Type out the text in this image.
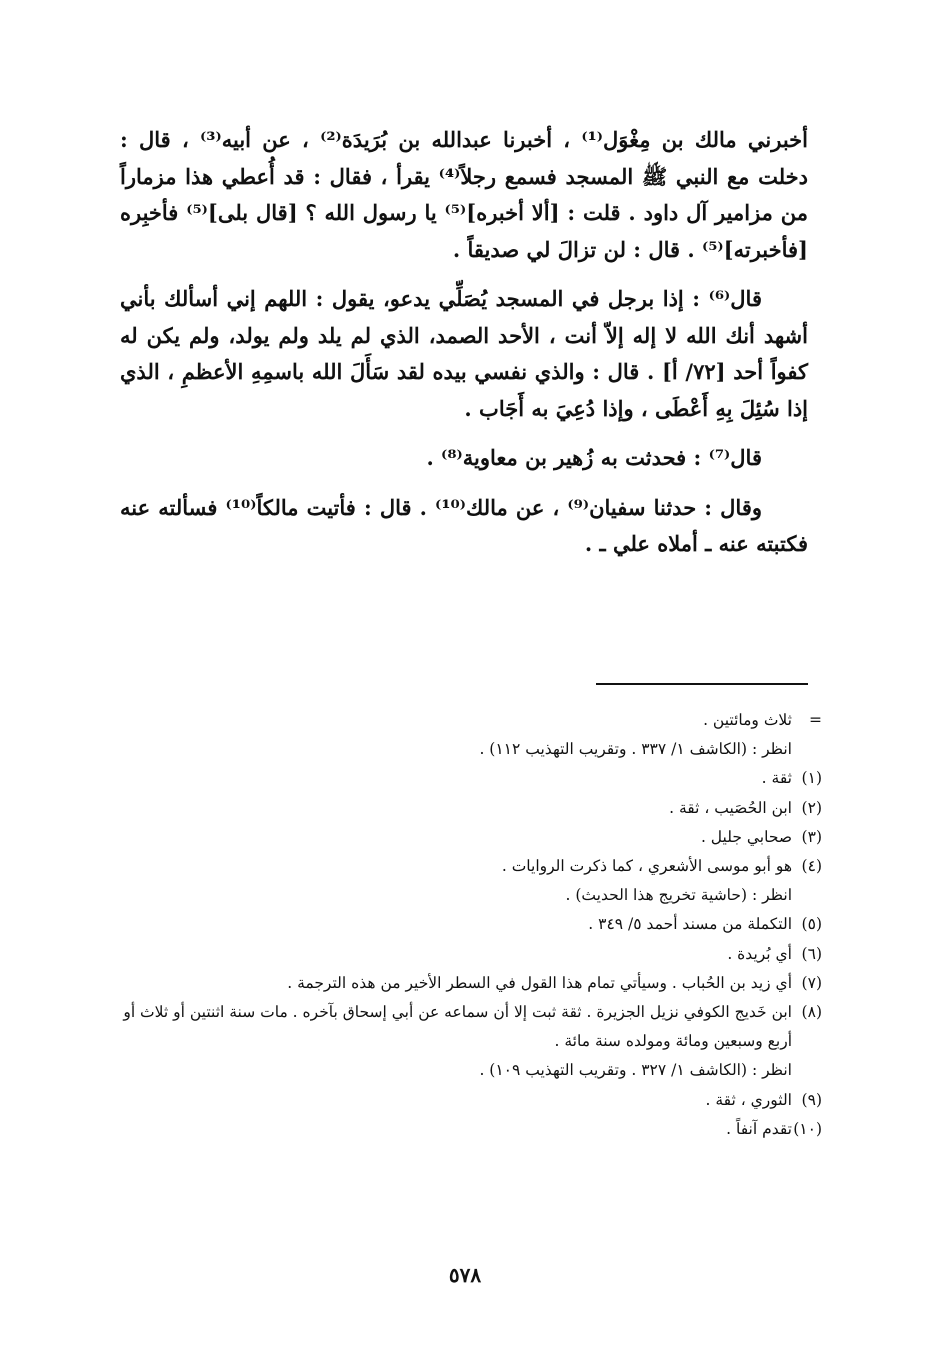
أخبرني مالك بن مِغْوَل⁽¹⁾ ، أخبرنا عبدالله بن بُرَيدَة⁽²⁾ ، عن أبيه⁽³⁾ ، قال : دخلت مع النبي ﷺ المسجد فسمع رجلاً⁽⁴⁾ يقرأ ، فقال : قد أُعطي هذا مزماراً من مزامير آل داود . قلت : [ألا أخبره]⁽⁵⁾ يا رسول الله ؟ [قال بلى]⁽⁵⁾ فأخبِره [فأخبرته]⁽⁵⁾ . قال : لن تزالَ لي صديقاً .

قال⁽⁶⁾ : إذا برجل في المسجد يُصَلِّي يدعو، يقول : اللهم إني أسألك بأني أشهد أنك الله لا إله إلاّ أنت ، الأحد الصمد، الذي لم يلد ولم يولد، ولم يكن له كفواً أحد [٧٢/ أ] . قال : والذي نفسي بيده لقد سَأَلَ الله باسمِهِ الأعظمِ ، الذي إذا سُئِلَ بِهِ أَعْطَى ، وإذا دُعِيَ به أَجَاب .

قال⁽⁷⁾ : فحدثت به زُهير بن معاوية⁽⁸⁾ .

وقال : حدثنا سفيان⁽⁹⁾ ، عن مالك⁽¹⁰⁾ . قال : فأتيت مالكاً⁽¹⁰⁾ فسألته عنه فكتبته عنه ـ أملاه علي ـ .

=
ثلاث ومائتين .
انظر : (الكاشف ١/ ٣٣٧ . وتقريب التهذيب ١١٢) .
(١)
ثقة .
(٢)
ابن الحُصَيب ، ثقة .
(٣)
صحابي جليل .
(٤)
هو أبو موسى الأشعري ، كما ذكرت الروايات .
انظر : (حاشية تخريج هذا الحديث) .
(٥)
التكملة من مسند أحمد ٥/ ٣٤٩ .
(٦)
أي بُريدة .
(٧)
أي زيد بن الحُباب . وسيأتي تمام هذا القول في السطر الأخير من هذه الترجمة .
(٨)
ابن خَديج الكوفي نزيل الجزيرة . ثقة ثبت إلا أن سماعه عن أبي إسحاق بآخره . مات سنة اثنتين أو ثلاث أو أربع وسبعين ومائة ومولده سنة مائة .
انظر : (الكاشف ١/ ٣٢٧ . وتقريب التهذيب ١٠٩) .
(٩)
الثوري ، ثقة .
(١٠)
تقدم آنفاً .
٥٧٨
